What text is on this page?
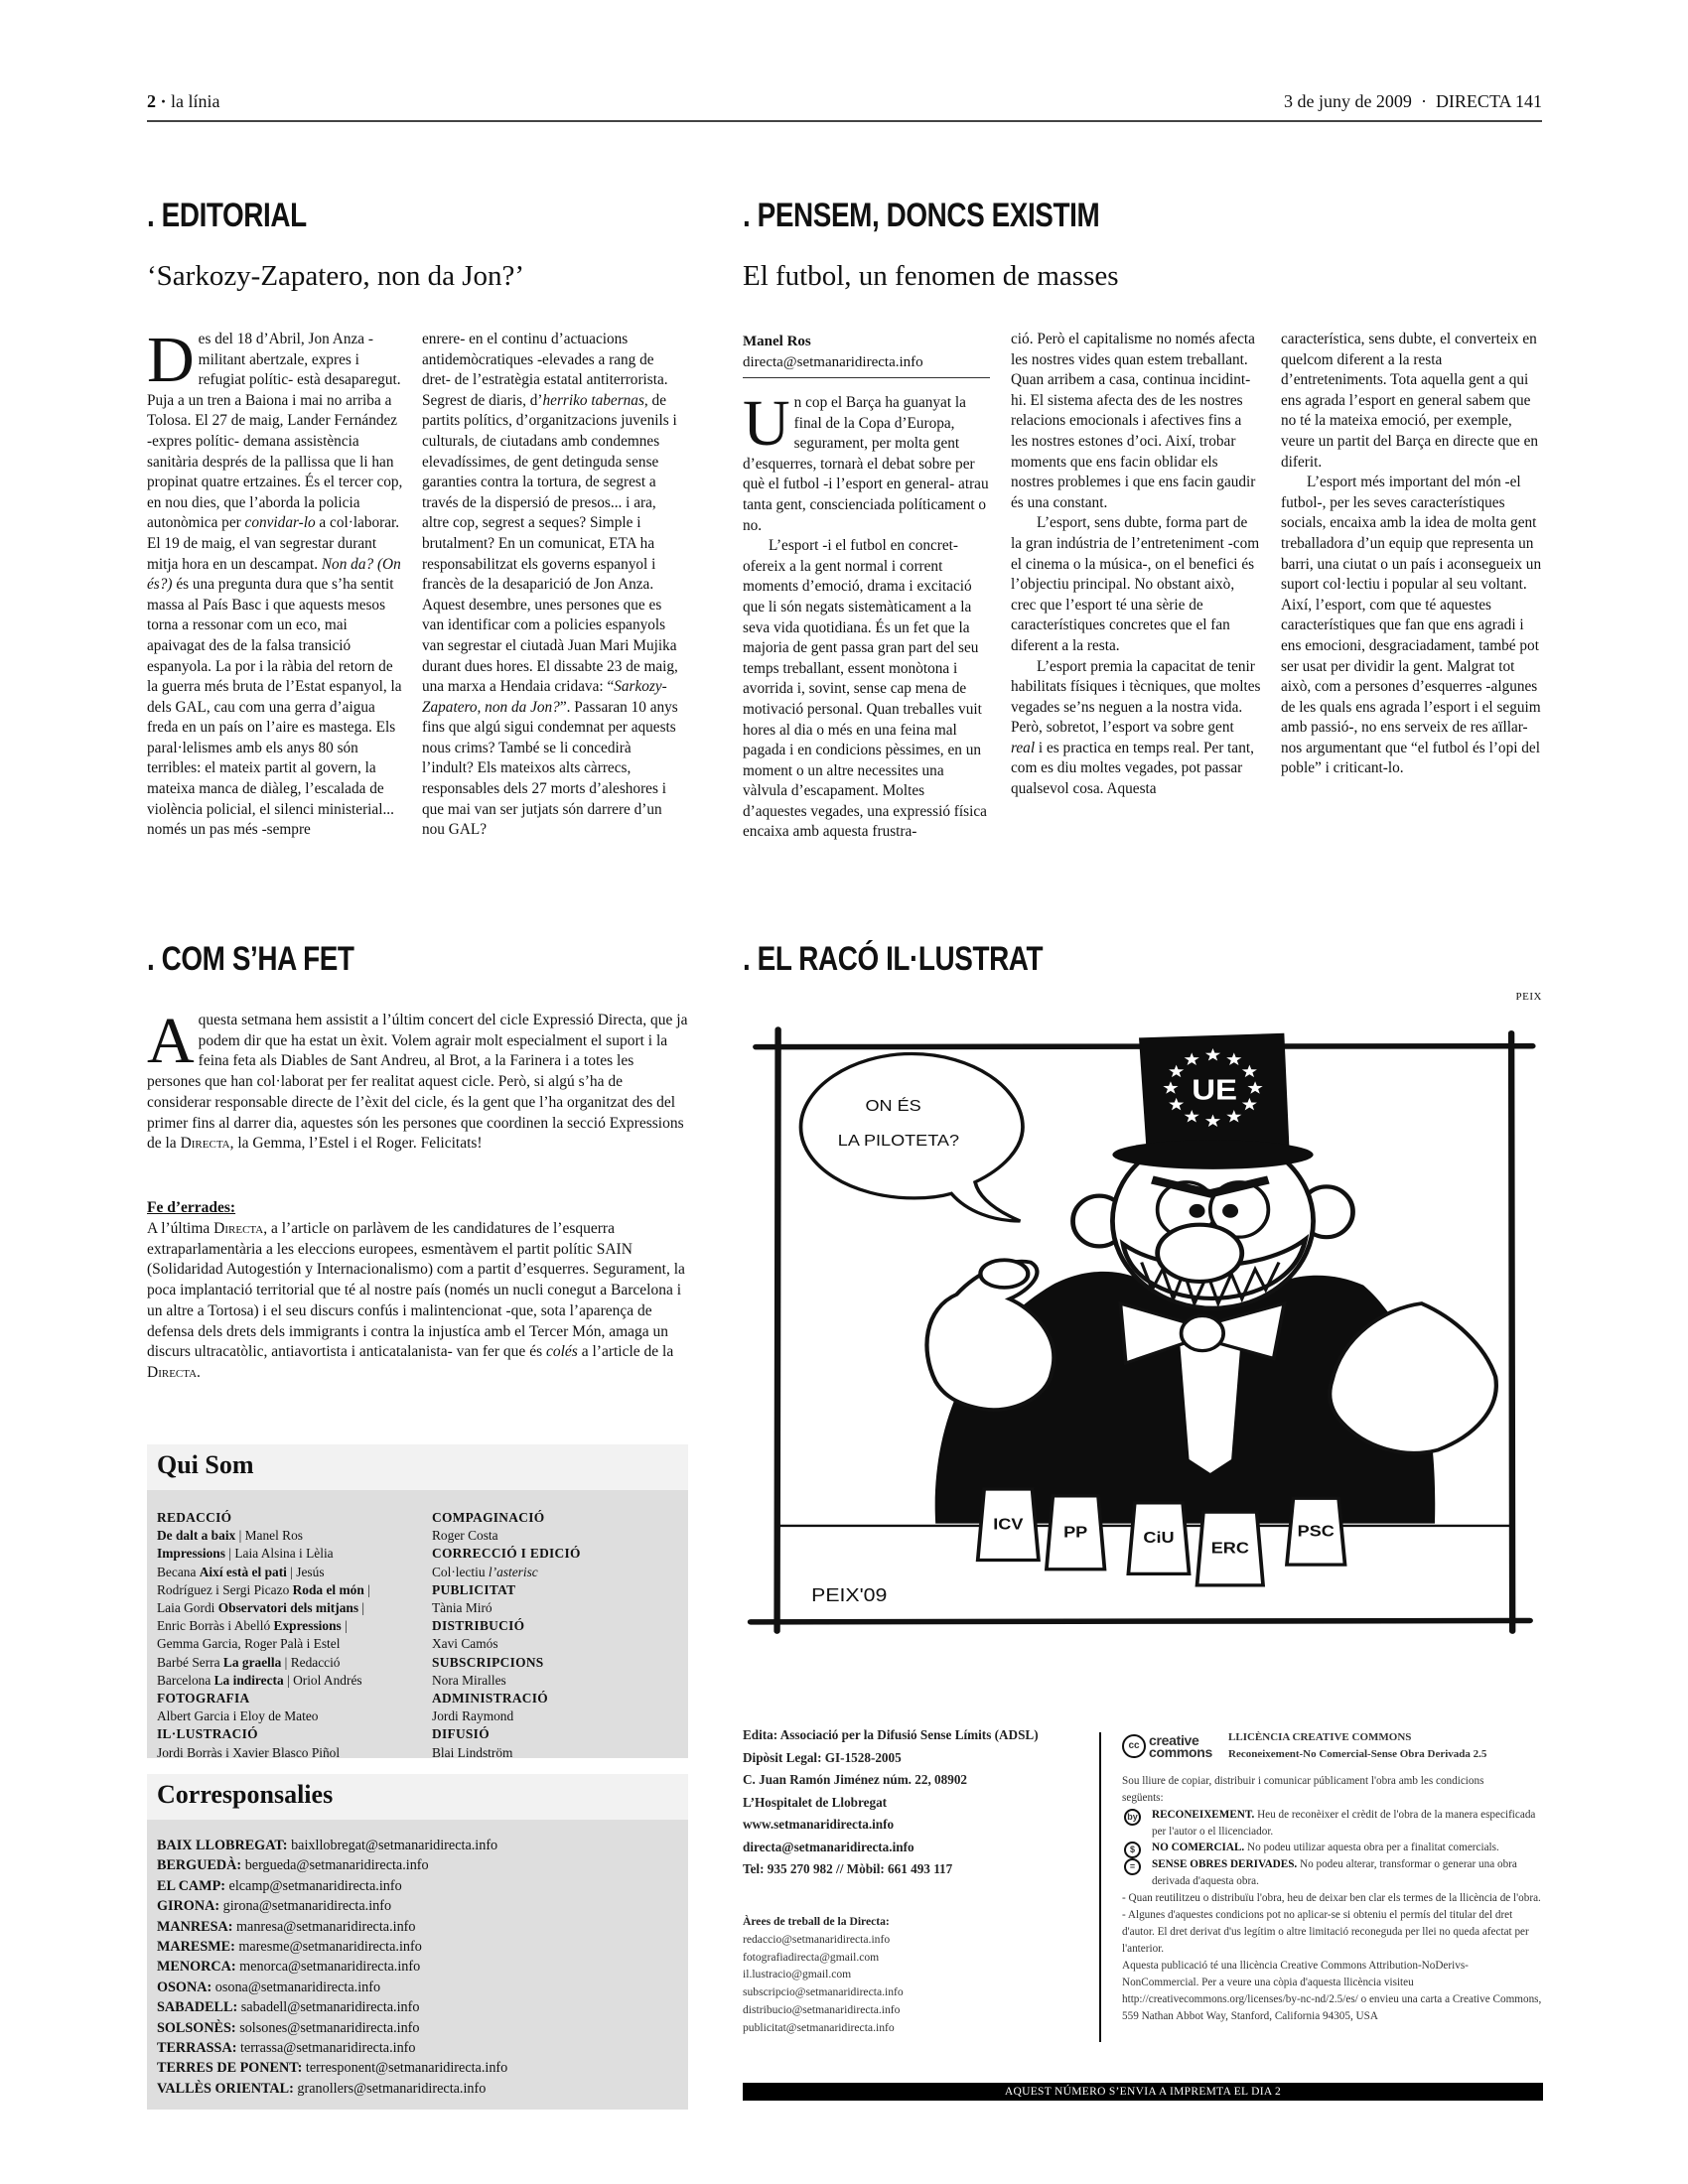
2 · la línia	3 de juny de 2009 · DIRECTA 141
. EDITORIAL
‘Sarkozy-Zapatero, non da Jon?’

Des del 18 d’Abril, Jon Anza -militant abertzale, expres i refugiat polític- està desaparegut. Puja a un tren a Baiona i mai no arriba a Tolosa. El 27 de maig, Lander Fernández -expres polític- demana assistència sanitària després de la pallissa que li han propinat quatre ertzaines. És el tercer cop, en nou dies, que l’aborda la policia autonòmica per convidar-lo a col·laborar. El 19 de maig, el van segrestar durant mitja hora en un descampat. Non da? (On és?) és una pregunta dura que s’ha sentit massa al País Basc i que aquests mesos torna a ressonar com un eco, mai apaivagat des de la falsa transició espanyola. La por i la ràbia del retorn de la guerra més bruta de l’Estat espanyol, la dels GAL, cau com una gerra d’aigua freda en un país on l’aire es mastega. Els paral·lelismes amb els anys 80 són terribles: el mateix partit al govern, la mateixa manca de diàleg, l’escalada de violència policial, el silenci ministerial... només un pas més -sempre

enrere- en el continu d’actuacions antidemòcratiques -elevades a rang de dret- de l’estratègia estatal antiterrorista. Segrest de diaris, d’herriko tabernas, de partits polítics, d’organitzacions juvenils i culturals, de ciutadans amb condemnes elevadíssimes, de gent detinguda sense garanties contra la tortura, de segrest a través de la dispersió de presos... i ara, altre cop, segrest a seques? Simple i brutalment? En un comunicat, ETA ha responsabilitzat els governs espanyol i francès de la desaparició de Jon Anza. Aquest desembre, unes persones que es van identificar com a policies espanyols van segrestar el ciutadà Juan Mari Mujika durant dues hores. El dissabte 23 de maig, una marxa a Hendaia cridava: “Sarkozy-Zapatero, non da Jon?”. Passaran 10 anys fins que algú sigui condemnat per aquests nous crims? També se li concedirà l’indult? Els mateixos alts càrrecs, responsables dels 27 morts d’aleshores i que mai van ser jutjats són darrere d’un nou GAL?

. PENSEM, DONCS EXISTIM
El futbol, un fenomen de masses
Manel Ros
directa@setmanaridirecta.info

Un cop el Barça ha guanyat la final de la Copa d’Europa, segurament, per molta gent d’esquerres, tornarà el debat sobre per què el futbol -i l’esport en general- atrau tanta gent, conscienciada políticament o no.

L’esport -i el futbol en concret- ofereix a la gent normal i corrent moments d’emoció, drama i excitació que li són negats sistemàticament a la seva vida quotidiana. És un fet que la majoria de gent passa gran part del seu temps treballant, essent monòtona i avorrida i, sovint, sense cap mena de motivació personal. Quan treballes vuit hores al dia o més en una feina mal pagada i en condicions pèssimes, en un moment o un altre necessites una vàlvula d’escapament. Moltes d’aquestes vegades, una expressió física encaixa amb aquesta frustra-

ció. Però el capitalisme no només afecta les nostres vides quan estem treballant. Quan arribem a casa, continua incidint-hi. El sistema afecta des de les nostres relacions emocionals i afectives fins a les nostres estones d’oci. Així, trobar moments que ens facin oblidar els nostres problemes i que ens facin gaudir és una constant.

L’esport, sens dubte, forma part de la gran indústria de l’entreteniment -com el cinema o la música-, on el benefici és l’objectiu principal. No obstant això, crec que l’esport té una sèrie de característiques concretes que el fan diferent a la resta.

L’esport premia la capacitat de tenir habilitats físiques i tècniques, que moltes vegades se’ns neguen a la nostra vida. Però, sobretot, l’esport va sobre gent real i es practica en temps real. Per tant, com es diu moltes vegades, pot passar qualsevol cosa. Aquesta

característica, sens dubte, el converteix en quelcom diferent a la resta d’entreteniments. Tota aquella gent a qui ens agrada l’esport en general sabem que no té la mateixa emoció, per exemple, veure un partit del Barça en directe que en diferit.

L’esport més important del món -el futbol-, per les seves característiques socials, encaixa amb la idea de molta gent treballadora d’un equip que representa un barri, una ciutat o un país i aconsegueix un suport col·lectiu i popular al seu voltant. Així, l’esport, com que té aquestes característiques que fan que ens agradi i ens emocioni, desgraciadament, també pot ser usat per dividir la gent. Malgrat tot això, com a persones d’esquerres -algunes de les quals ens agrada l’esport i el seguim amb passió-, no ens serveix de res aïllar-nos argumentant que “el futbol és l’opi del poble” i criticant-lo.

. COM S’HA FET

Aquesta setmana hem assistit a l’últim concert del cicle Expressió Directa, que ja podem dir que ha estat un èxit. Volem agrair molt especialment el suport i la feina feta als Diables de Sant Andreu, al Brot, a la Farinera i a totes les persones que han col·laborat per fer realitat aquest cicle. Però, si algú s’ha de considerar responsable directe de l’èxit del cicle, és la gent que l’ha organitzat des del primer fins al darrer dia, aquestes són les persones que coordinen la secció Expressions de la Directa, la Gemma, l’Estel i el Roger. Felicitats!

Fe d’errades:

A l’última Directa, a l’article on parlàvem de les candidatures de l’esquerra extraparlamentària a les eleccions europees, esmentàvem el partit polític SAIN (Solidaridad Autogestión y Internacionalismo) com a partit d’esquerres. Segurament, la poca implantació territorial que té al nostre país (només un nucli conegut a Barcelona i un altre a Tortosa) i el seu discurs confús i malintencionat -que, sota l’aparença de defensa dels drets dels immigrants i contra la injustíca amb el Tercer Món, amaga un discurs ultracatòlic, antiavortista i anticatalanista- van fer que és colés a l’article de la Directa.

Qui Som
REDACCIÓ
De dalt a baix | Manel Ros
Impressions | Laia Alsina i Lèlia
Becana Així està el pati | Jesús
Rodríguez i Sergi Picazo Roda el món |
Laia Gordi Observatori dels mitjans |
Enric Borràs i Abelló Expressions |
Gemma Garcia, Roger Palà i Estel
Barbé Serra La graella | Redacció
Barcelona La indirecta | Oriol Andrés
FOTOGRAFIA
Albert Garcia i Eloy de Mateo
IL·LUSTRACIÓ
Jordi Borràs i Xavier Blasco Piñol
COMPAGINACIÓ
Roger Costa
CORRECCIÓ I EDICIÓ
Col·lectiu l’asterisc
PUBLICITAT
Tània Miró
DISTRIBUCIÓ
Xavi Camós
SUBSCRIPCIONS
Nora Miralles
ADMINISTRACIÓ
Jordi Raymond
DIFUSIÓ
Blai Lindström
Corresponsalies
BAIX LLOBREGAT: baixllobregat@setmanaridirecta.info
BERGUEDÀ: bergueda@setmanaridirecta.info
EL CAMP: elcamp@setmanaridirecta.info
GIRONA: girona@setmanaridirecta.info
MANRESA: manresa@setmanaridirecta.info
MARESME: maresme@setmanaridirecta.info
MENORCA: menorca@setmanaridirecta.info
OSONA: osona@setmanaridirecta.info
SABADELL: sabadell@setmanaridirecta.info
SOLSONÈS: solsones@setmanaridirecta.info
TERRASSA: terrassa@setmanaridirecta.info
TERRES DE PONENT: terresponent@setmanaridirecta.info
VALLÈS ORIENTAL: granollers@setmanaridirecta.info
. EL RACÓ IL·LUSTRAT
PEIX
UE
ON ÉS
LA PILOTETA?
ICV PP CiU
ERC
PSC
PEIX'09
Edita: Associació per la Difusió Sense Límits (ADSL)
Dipòsit Legal: GI-1528-2005
C. Juan Ramón Jiménez núm. 22, 08902
L’Hospitalet de Llobregat
www.setmanaridirecta.info
directa@setmanaridirecta.info
Tel: 935 270 982 // Mòbil: 661 493 117
Àrees de treball de la Directa:
redaccio@setmanaridirecta.info
fotografiadirecta@gmail.com
il.lustracio@gmail.com
subscripcio@setmanaridirecta.info
distribucio@setmanaridirecta.info
publicitat@setmanaridirecta.info
cc creative
commons
LLICÈNCIA CREATIVE COMMONS
Reconeixement-No Comercial-Sense Obra Derivada 2.5
Sou lliure de copiar, distribuir i comunicar públicament l'obra amb les condicions següents:
by RECONEIXEMENT. Heu de reconèixer el crèdit de l'obra de la manera especificada per l'autor o el llicenciador.
$	NO COMERCIAL. No podeu utilizar aquesta obra per a finalitat comercials.
=	SENSE OBRES DERIVADES. No podeu alterar, transformar o generar una obra derivada d'aquesta obra.
- Quan reutilitzeu o distribuïu l'obra, heu de deixar ben clar els termes de la llicència de l'obra.
- Algunes d'aquestes condicions pot no aplicar-se si obteniu el permís del titular del dret d'autor. El dret derivat d'us legítim o altre limitació reconeguda per llei no queda afectat per l'anterior.
Aquesta publicació té una llicència Creative Commons Attribution-NoDerivs- NonCommercial. Per a veure una còpia d'aquesta llicència visiteu http://creativecommons.org/licenses/by-nc-nd/2.5/es/ o envieu una carta a Creative Commons, 559 Nathan Abbot Way, Stanford, California 94305, USA
AQUEST NÚMERO S’ENVIA A IMPREMTA EL DIA 2
